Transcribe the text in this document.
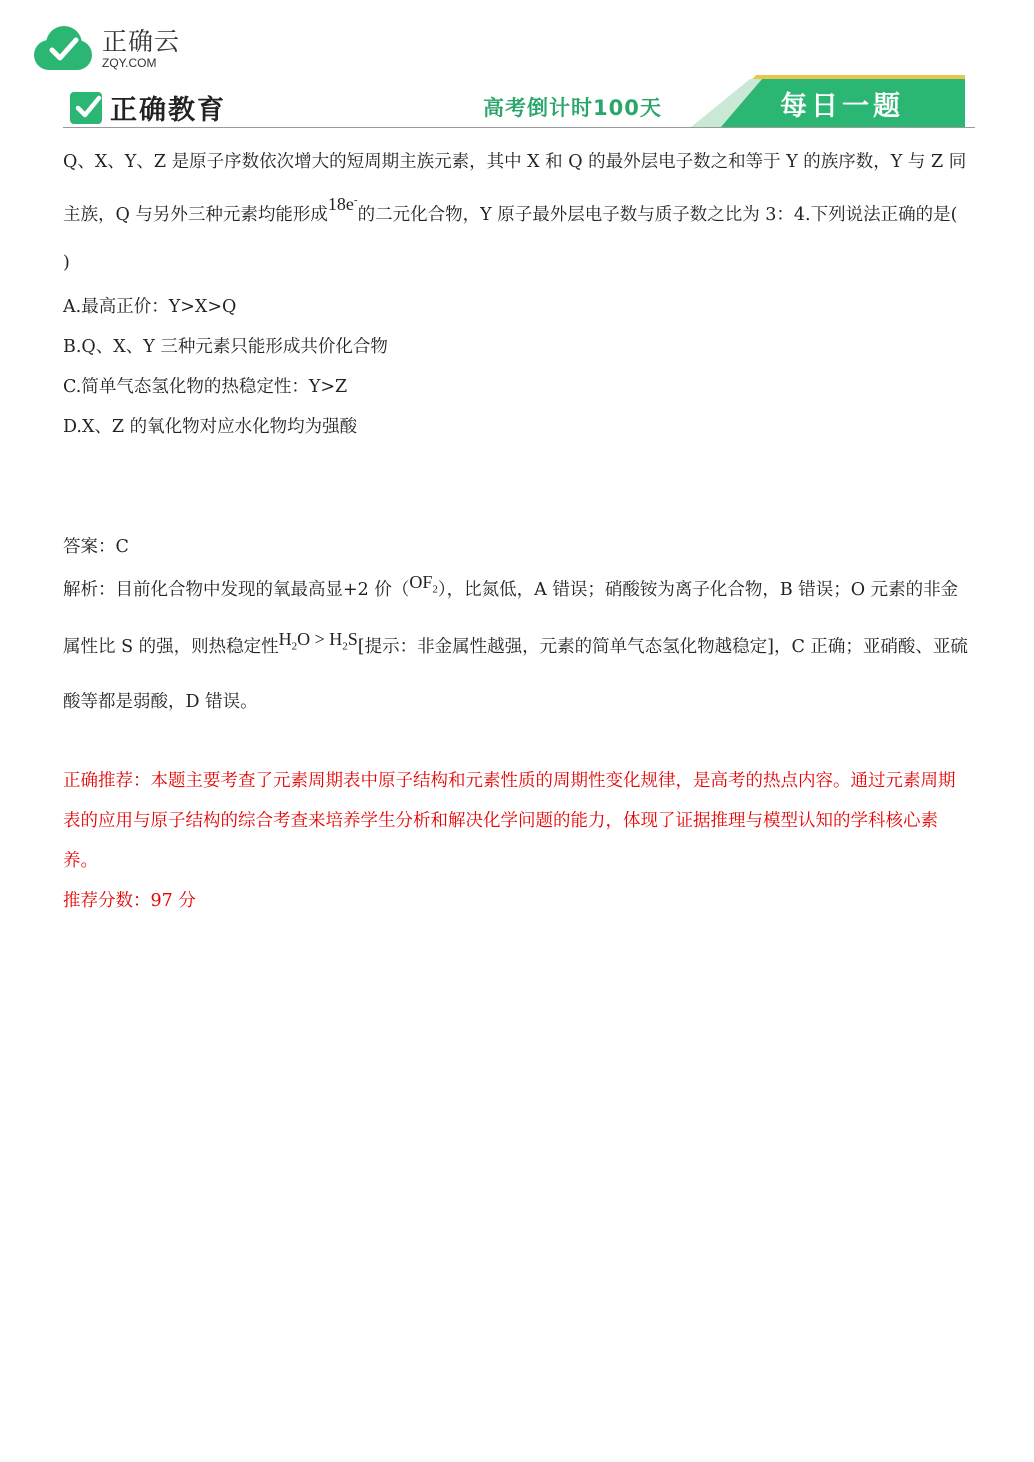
正确云
ZQY.COM
正确教育	高考倒计时100天	每日一题

Q、X、Y、Z 是原子序数依次增大的短周期主族元素，其中 X 和 Q 的最外层电子数之和等于 Y 的族序数，Y 与 Z 同主族，Q 与另外三种元素均能形成18e-的二元化合物，Y 原子最外层电子数与质子数之比为 3：4.下列说法正确的是( )

A.最高正价：Y>X>Q

B.Q、X、Y 三种元素只能形成共价化合物

C.简单气态氢化物的热稳定性：Y>Z

D.X、Z 的氧化物对应水化物均为强酸

答案：C

解析：目前化合物中发现的氧最高显+2 价$(OF_2)$，比氮低，A 错误；硝酸铵为离子化合物，B 错误；O 元素的非金属性比 S 的强，则热稳定性$H_2O > H_2S$[提示：非金属性越强，元素的简单气态氢化物越稳定]，C 正确；亚硝酸、亚硫酸等都是弱酸，D 错误。

正确推荐：本题主要考查了元素周期表中原子结构和元素性质的周期性变化规律，是高考的热点内容。通过元素周期表的应用与原子结构的综合考查来培养学生分析和解决化学问题的能力，体现了证据推理与模型认知的学科核心素养。

推荐分数：97 分
